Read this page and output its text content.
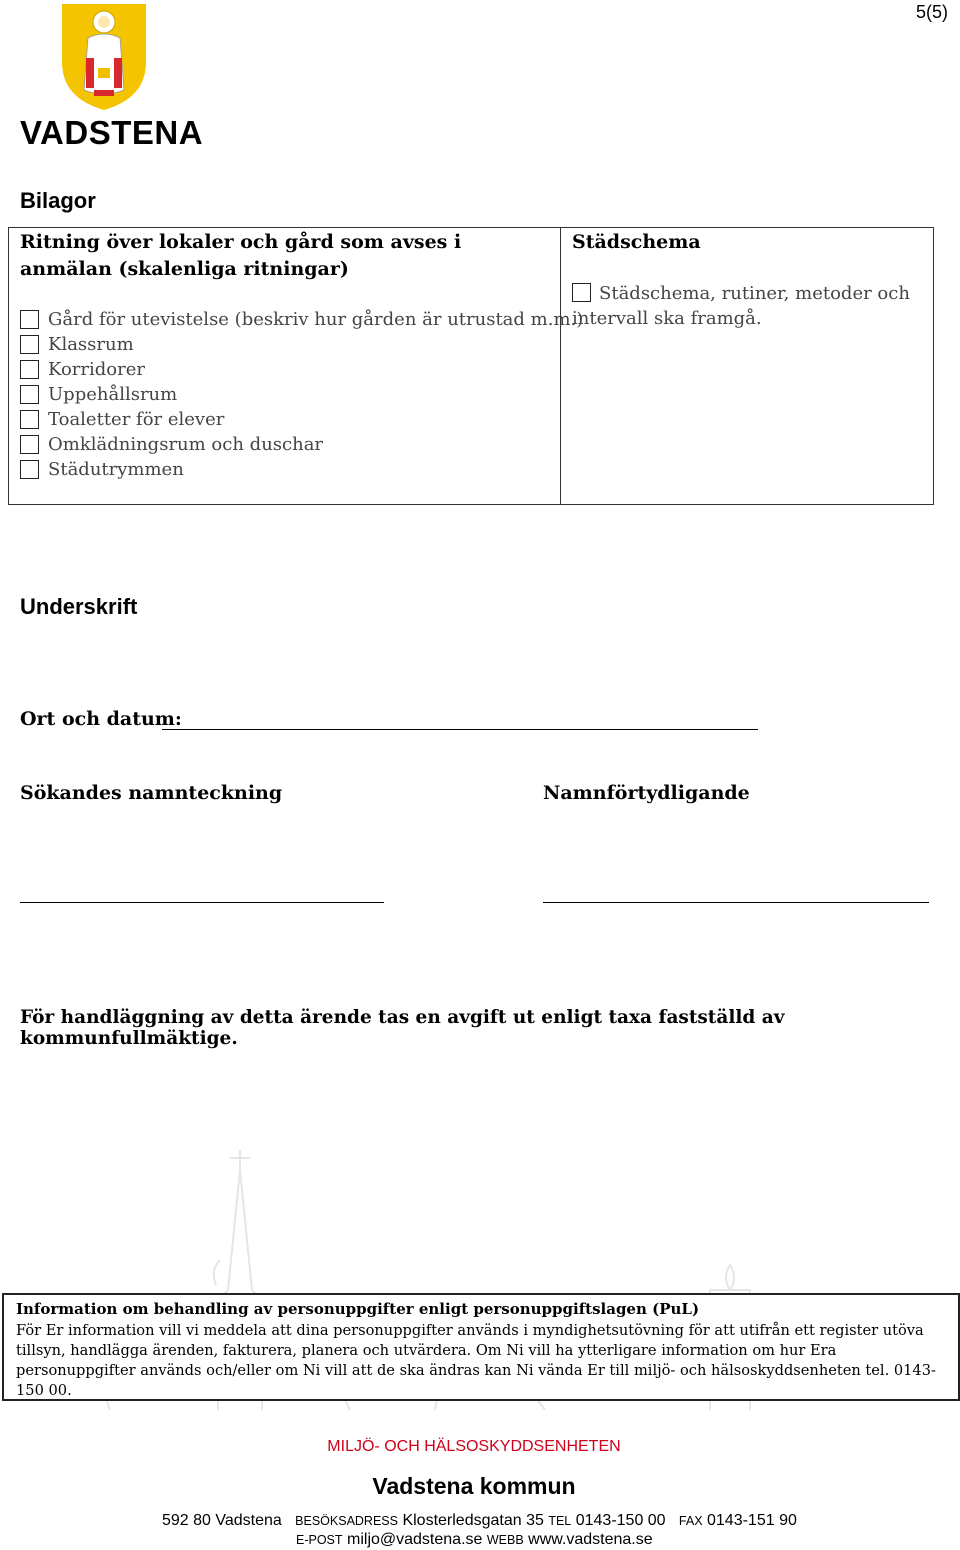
5(5)
VADSTENA
Bilagor
Ritning över lokaler och gård som avses i anmälan (skalenliga ritningar)
Gård för utevistelse (beskriv hur gården är utrustad m.m.)
Klassrum
Korridorer
Uppehållsrum
Toaletter för elever
Omklädningsrum och duschar
Städutrymmen
Städschema
Städschema, rutiner, metoder och intervall ska framgå.
Underskrift
Ort och datum:
Sökandes namnteckning	Namnförtydligande
För handläggning av detta ärende tas en avgift ut enligt taxa fastställd av kommunfullmäktige.
Information om behandling av personuppgifter enligt personuppgiftslagen (PuL)
För Er information vill vi meddela att dina personuppgifter används i myndighetsutövning för att utifrån ett register utöva tillsyn, handlägga ärenden, fakturera, planera och utvärdera. Om Ni vill ha ytterligare information om hur Era personuppgifter används och/eller om Ni vill att de ska ändras kan Ni vända Er till miljö- och hälsoskyddsenheten tel. 0143-150 00.
MILJÖ- OCH HÄLSOSKYDDSENHETEN
Vadstena kommun
592 80 Vadstena BESÖKSADRESS Klosterledsgatan 35 TEL 0143-150 00 FAX 0143-151 90
E-POST miljo@vadstena.se WEBB www.vadstena.se
